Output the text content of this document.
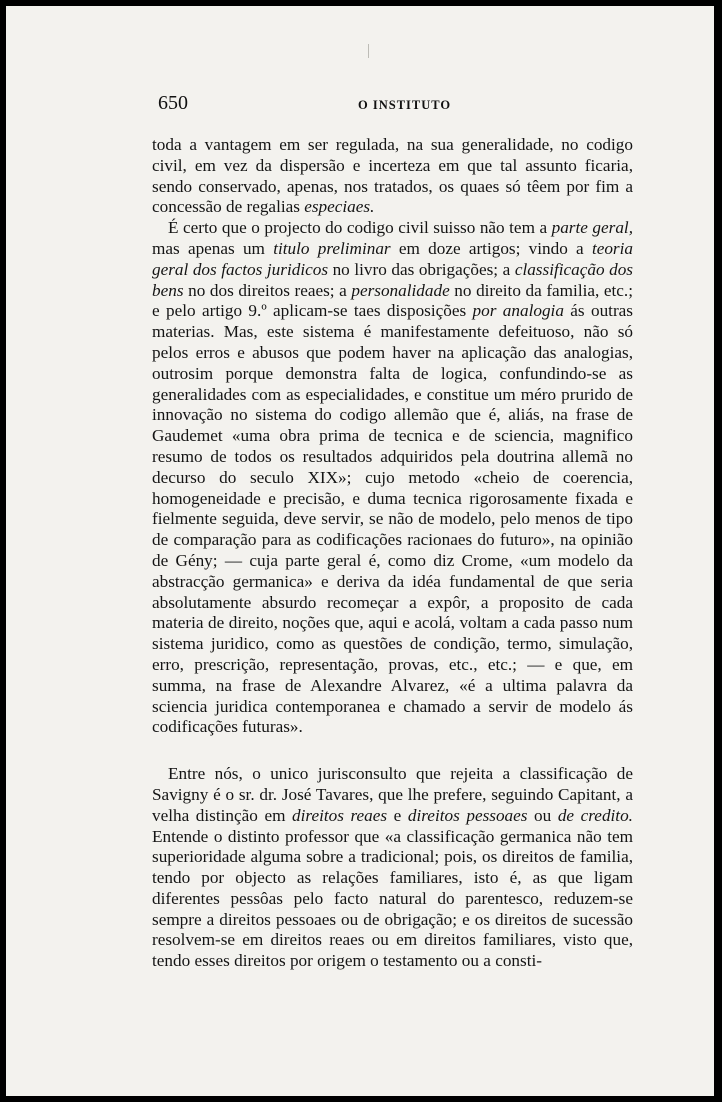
650	O INSTITUTO

toda a vantagem em ser regulada, na sua generalidade, no codigo civil, em vez da dispersão e incerteza em que tal assunto ficaria, sendo conservado, apenas, nos tratados, os quaes só têem por fim a concessão de regalias especiaes.

É certo que o projecto do codigo civil suisso não tem a parte geral, mas apenas um titulo preliminar em doze artigos; vindo a teoria geral dos factos juridicos no livro das obrigações; a classificação dos bens no dos direitos reaes; a personalidade no direito da familia, etc.; e pelo artigo 9.º aplicam-se taes disposições por analogia ás outras materias. Mas, este sistema é manifestamente defeituoso, não só pelos erros e abusos que podem haver na aplicação das analogias, outrosim porque demonstra falta de logica, confundindo-se as generalidades com as especialidades, e constitue um méro prurido de innovação no sistema do codigo allemão que é, aliás, na frase de Gaudemet «uma obra prima de tecnica e de sciencia, magnifico resumo de todos os resultados adquiridos pela doutrina allemã no decurso do seculo XIX»; cujo metodo «cheio de coerencia, homogeneidade e precisão, e duma tecnica rigorosamente fixada e fielmente seguida, deve servir, se não de modelo, pelo menos de tipo de comparação para as codificações racionaes do futuro», na opinião de Gény; — cuja parte geral é, como diz Crome, «um modelo da abstracção germanica» e deriva da idéa fundamental de que seria absolutamente absurdo recomeçar a expôr, a proposito de cada materia de direito, noções que, aqui e acolá, voltam a cada passo num sistema juridico, como as questões de condição, termo, simulação, erro, prescrição, representação, provas, etc., etc.; — e que, em summa, na frase de Alexandre Alvarez, «é a ultima palavra da sciencia juridica contemporanea e chamado a servir de modelo ás codificações futuras».

Entre nós, o unico jurisconsulto que rejeita a classificação de Savigny é o sr. dr. José Tavares, que lhe prefere, seguindo Capitant, a velha distinção em direitos reaes e direitos pessoaes ou de credito. Entende o distinto professor que «a classificação germanica não tem superioridade alguma sobre a tradicional; pois, os direitos de familia, tendo por objecto as relações familiares, isto é, as que ligam diferentes pessôas pelo facto natural do parentesco, reduzem-se sempre a direitos pessoaes ou de obrigação; e os direitos de sucessão resolvem-se em direitos reaes ou em direitos familiares, visto que, tendo esses direitos por origem o testamento ou a consti-
